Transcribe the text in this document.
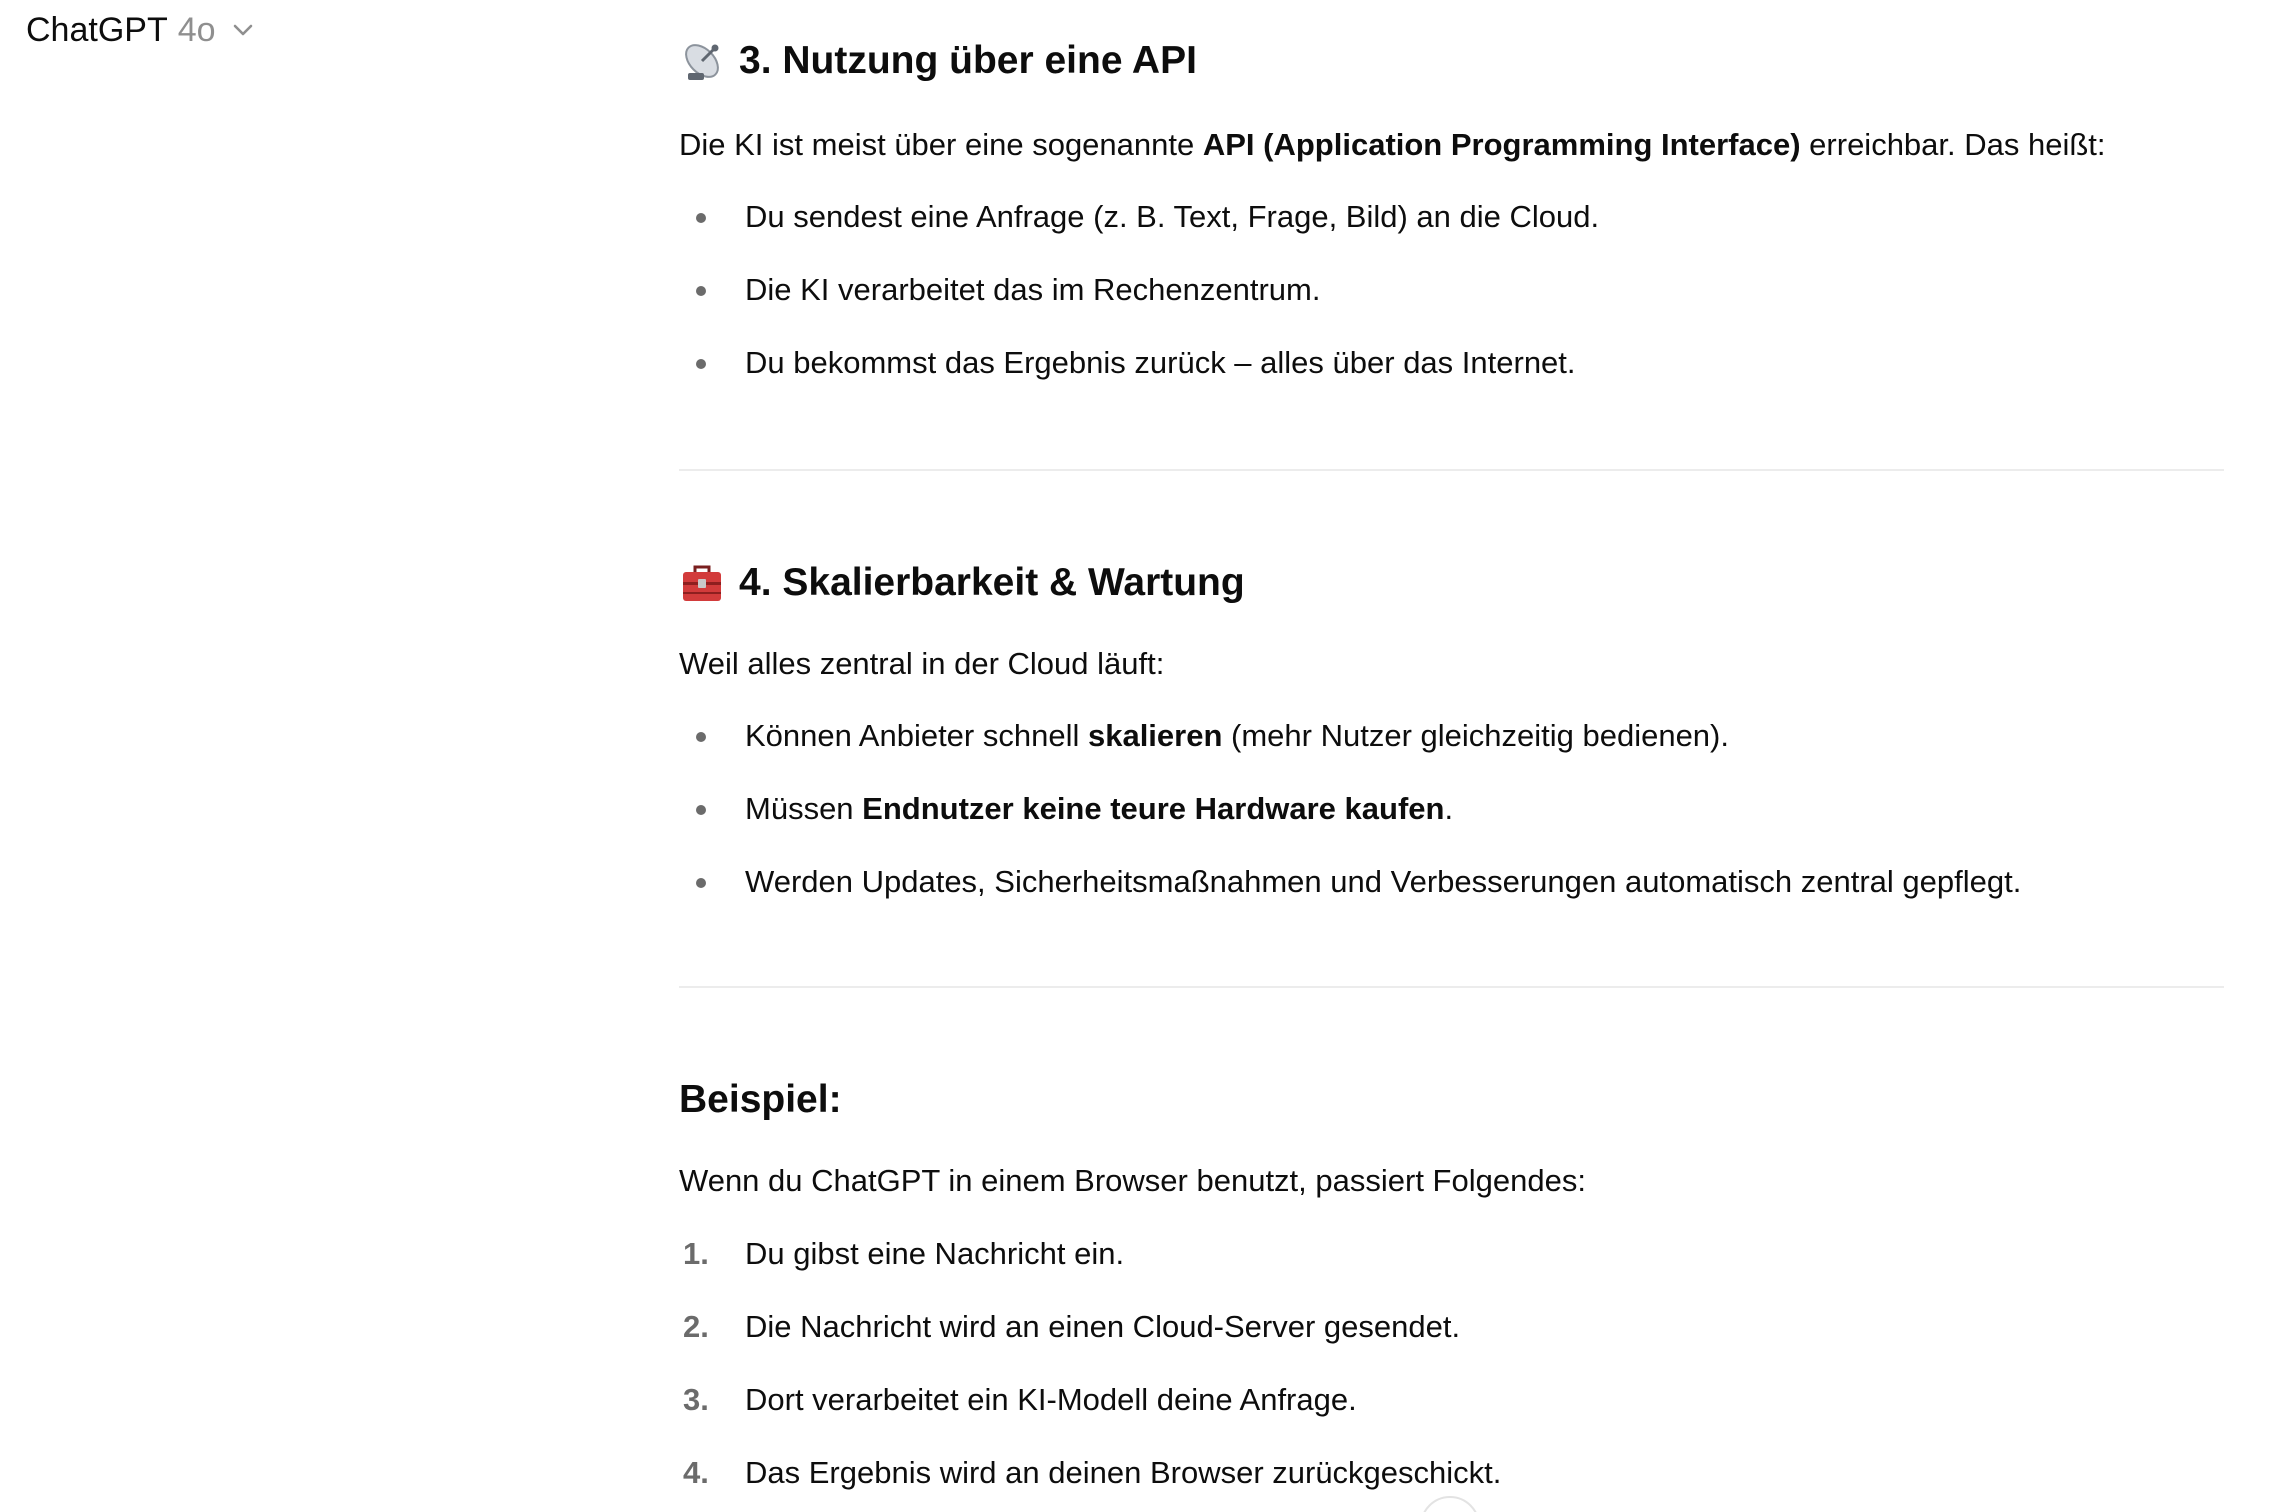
ChatGPT 4o
3. Nutzung über eine API
Die KI ist meist über eine sogenannte API (Application Programming Interface) erreichbar. Das heißt:
Du sendest eine Anfrage (z. B. Text, Frage, Bild) an die Cloud.
Die KI verarbeitet das im Rechenzentrum.
Du bekommst das Ergebnis zurück – alles über das Internet.
4. Skalierbarkeit & Wartung
Weil alles zentral in der Cloud läuft:
Können Anbieter schnell skalieren (mehr Nutzer gleichzeitig bedienen).
Müssen Endnutzer keine teure Hardware kaufen.
Werden Updates, Sicherheitsmaßnahmen und Verbesserungen automatisch zentral gepflegt.
Beispiel:
Wenn du ChatGPT in einem Browser benutzt, passiert Folgendes:
1. Du gibst eine Nachricht ein.
2. Die Nachricht wird an einen Cloud-Server gesendet.
3. Dort verarbeitet ein KI-Modell deine Anfrage.
4. Das Ergebnis wird an deinen Browser zurückgeschickt.
